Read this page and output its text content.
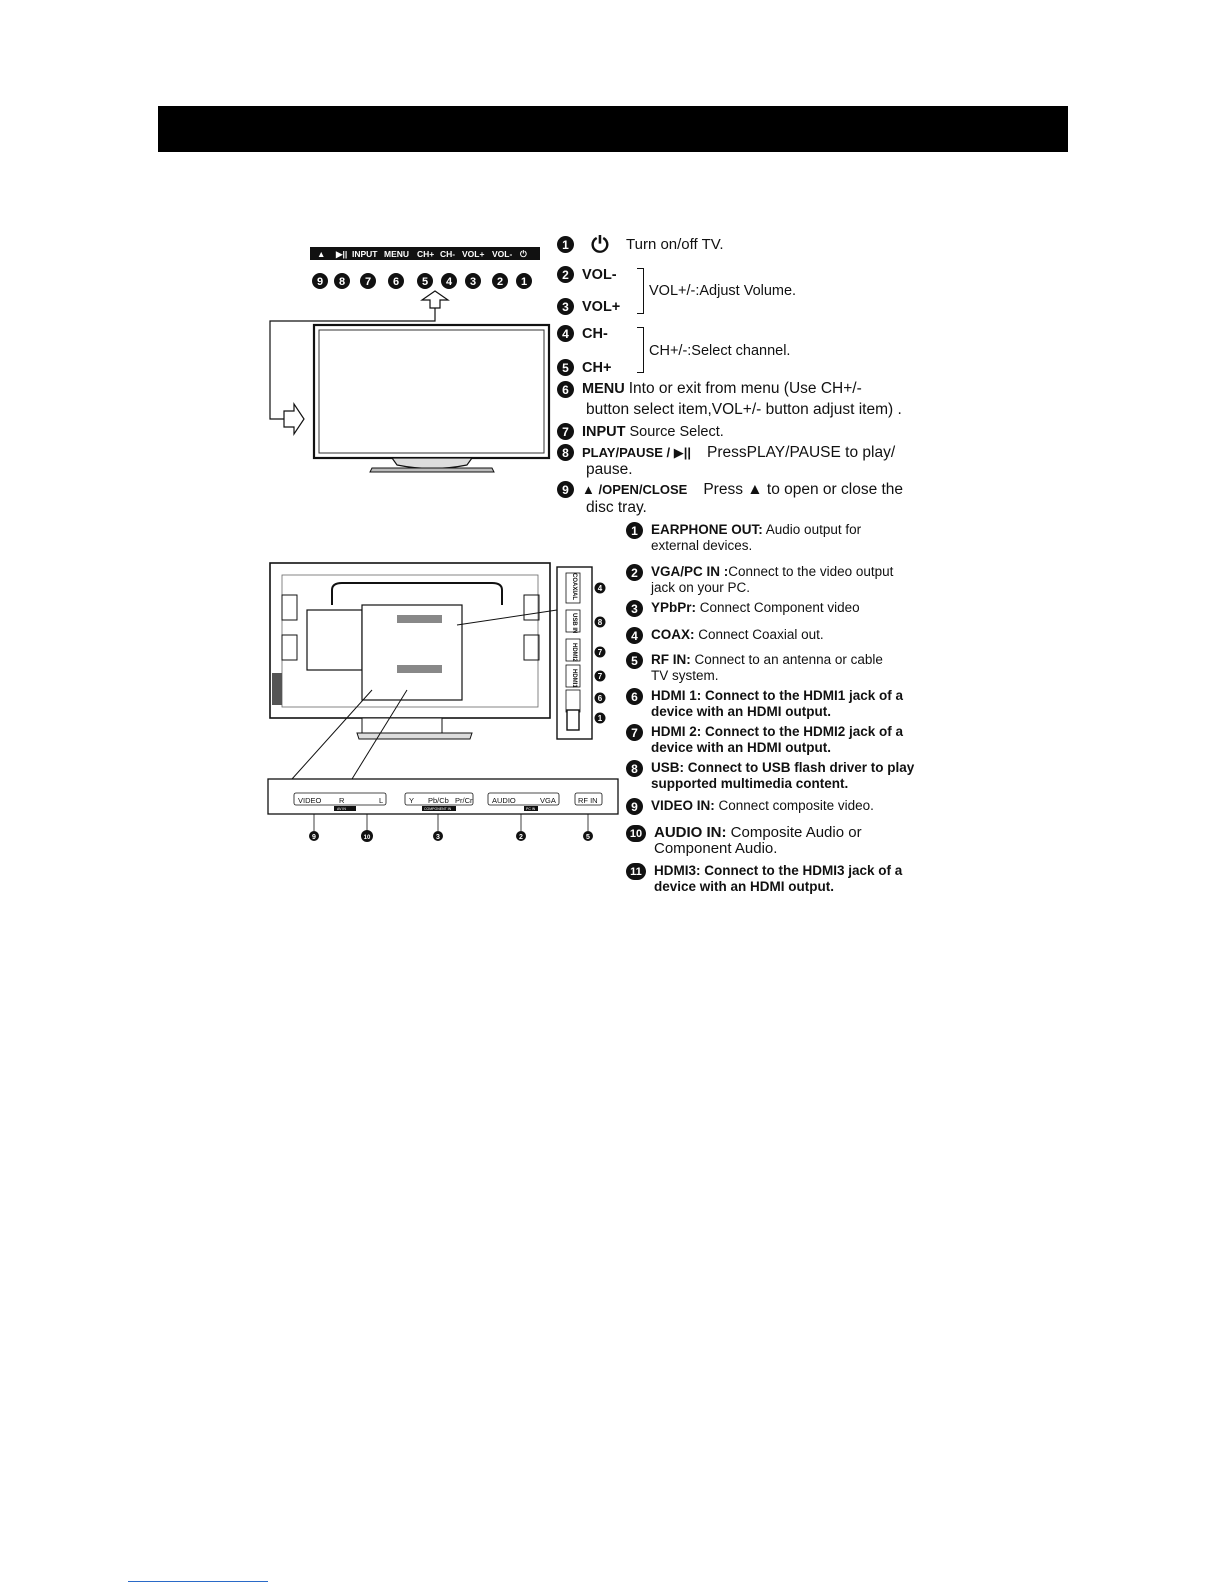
▲ ▶|| INPUT MENU CH+ CH- VOL+ VOL- ⏻
9 8 7 6 5 4 3 2 1
1	⏻	Turn on/off TV.
2 VOL-
3 VOL+
VOL+/-:Adjust Volume.
4 CH-
5 CH+
CH+/-:Select channel.
6 MENU Into or exit from menu (Use CH+/-
button select item,VOL+/- button adjust item) .
7 INPUT Source Select.
8	PLAY/PAUSE / ▶|| PressPLAY/PAUSE to play/
pause.
9	▲ /OPEN/CLOSE Press ▲ to open or close the
disc tray.
COAXIAL
USB IN
HDMI2
HDMI1
4
8
7
7
6
1
VIDEO R	L	Y Pb/Cb Pr/Cr	AUDIO	VGA	RF IN
AV IN	COMPONENT IN	PC IN
9	10	3	2	5
1 EARPHONE OUT: Audio output for
external devices.
2 VGA/PC IN :Connect to the video output
jack on your PC.
3 YPbPr: Connect Component video
4 COAX: Connect Coaxial out.
5 RF IN: Connect to an antenna or cable
TV system.
6 HDMI 1: Connect to the HDMI1 jack of a
device with an HDMI output.
7 HDMI 2: Connect to the HDMI2 jack of a
device with an HDMI output.
8 USB: Connect to USB flash driver to play
supported multimedia content.
9 VIDEO IN: Connect composite video.
10 AUDIO IN: Composite Audio or
Component Audio.
11 HDMI3: Connect to the HDMI3 jack of a
device with an HDMI output.
